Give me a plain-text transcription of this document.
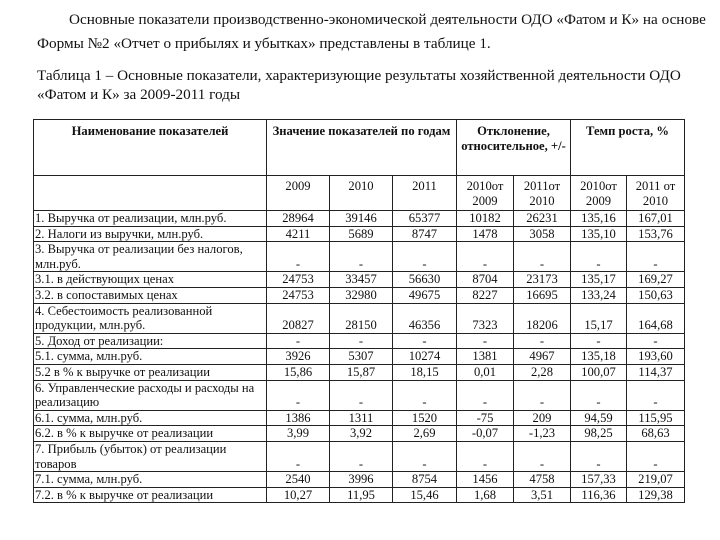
Основные показатели производственно-экономической деятельности ОДО «Фатом и К» на основе Формы №2 «Отчет о прибылях и убытках» представлены в таблице 1.

Таблица 1 – Основные показатели, характеризующие результаты хозяйственной деятельности ОДО «Фатом и К» за 2009-2011 годы

Наименование показателей	Значение показателей по годам			Отклонение, относительное, +/-		Темп роста, %	
	2009	2010	2011	2010от 2009	2011от 2010	2010от 2009	2011 от 2010
1. Выручка от реализации, млн.руб.	28964	39146	65377	10182	26231	135,16	167,01
2. Налоги из выручки, млн.руб.	4211	5689	8747	1478	3058	135,10	153,76
3. Выручка от реализации без налогов, млн.руб.	-	-	-	-	-	-	-
3.1. в действующих ценах	24753	33457	56630	8704	23173	135,17	169,27
3.2. в сопоставимых ценах	24753	32980	49675	8227	16695	133,24	150,63
4. Себестоимость реализованной продукции, млн.руб.	20827	28150	46356	7323	18206	15,17	164,68
5. Доход от реализации:	-	-	-	-	-	-	-
5.1. сумма, млн.руб.	3926	5307	10274	1381	4967	135,18	193,60
5.2 в % к выручке от реализации	15,86	15,87	18,15	0,01	2,28	100,07	114,37
6. Управленческие расходы и расходы на реализацию	-	-	-	-	-	-	-
6.1. сумма, млн.руб.	1386	1311	1520	-75	209	94,59	115,95
6.2. в % к выручке от реализации	3,99	3,92	2,69	-0,07	-1,23	98,25	68,63
7. Прибыль (убыток) от реализации товаров	-	-	-	-	-	-	-
7.1. сумма, млн.руб.	2540	3996	8754	1456	4758	157,33	219,07
7.2. в % к выручке от реализации	10,27	11,95	15,46	1,68	3,51	116,36	129,38
